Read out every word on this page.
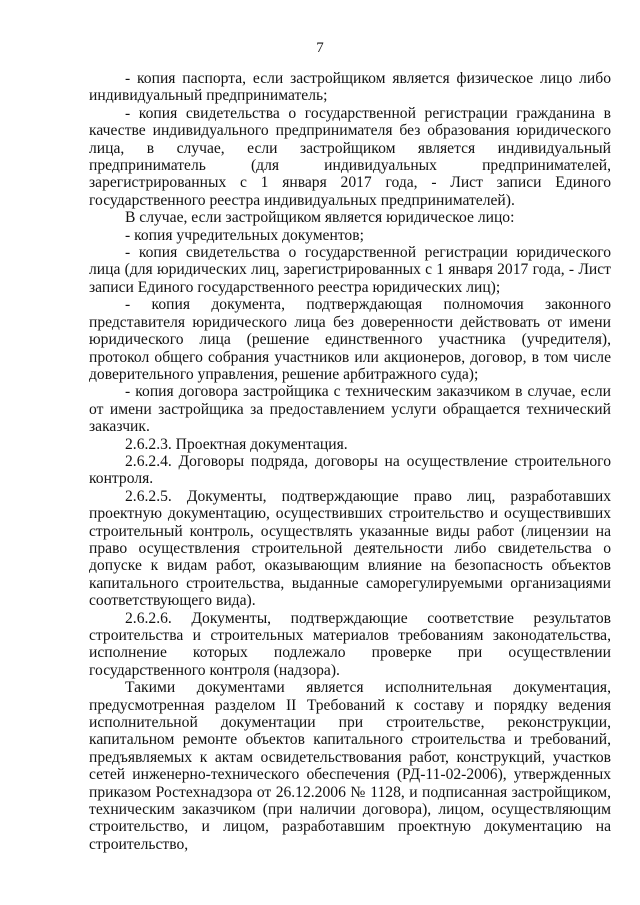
7

- копия паспорта, если застройщиком является физическое лицо либо индивидуальный предприниматель;

- копия свидетельства о государственной регистрации гражданина в качестве индивидуального предпринимателя без образования юридического лица, в случае, если застройщиком является индивидуальный предприниматель (для индивидуальных предпринимателей, зарегистрированных с 1 января 2017 года, - Лист записи Единого государственного реестра индивидуальных предпринимателей).

В случае, если застройщиком является юридическое лицо:

- копия учредительных документов;

- копия свидетельства о государственной регистрации юридического лица (для юридических лиц, зарегистрированных с 1 января 2017 года, - Лист записи Единого государственного реестра юридических лиц);

- копия документа, подтверждающая полномочия законного представителя юридического лица без доверенности действовать от имени юридического лица (решение единственного участника (учредителя), протокол общего собрания участников или акционеров, договор, в том числе доверительного управления, решение арбитражного суда);

- копия договора застройщика с техническим заказчиком в случае, если от имени застройщика за предоставлением услуги обращается технический заказчик.

2.6.2.3. Проектная документация.

2.6.2.4. Договоры подряда, договоры на осуществление строительного контроля.

2.6.2.5. Документы, подтверждающие право лиц, разработавших проектную документацию, осуществивших строительство и осуществивших строительный контроль, осуществлять указанные виды работ (лицензии на право осуществления строительной деятельности либо свидетельства о допуске к видам работ, оказывающим влияние на безопасность объектов капитального строительства, выданные саморегулируемыми организациями соответствующего вида).

2.6.2.6. Документы, подтверждающие соответствие результатов строительства и строительных материалов требованиям законодательства, исполнение которых подлежало проверке при осуществлении государственного контроля (надзора).

Такими документами является исполнительная документация, предусмотренная разделом II Требований к составу и порядку ведения исполнительной документации при строительстве, реконструкции, капитальном ремонте объектов капитального строительства и требований, предъявляемых к актам освидетельствования работ, конструкций, участков сетей инженерно-технического обеспечения (РД-11-02-2006), утвержденных приказом Ростехнадзора от 26.12.2006 № 1128, и подписанная застройщиком, техническим заказчиком (при наличии договора), лицом, осуществляющим строительство, и лицом, разработавшим проектную документацию на строительство,
